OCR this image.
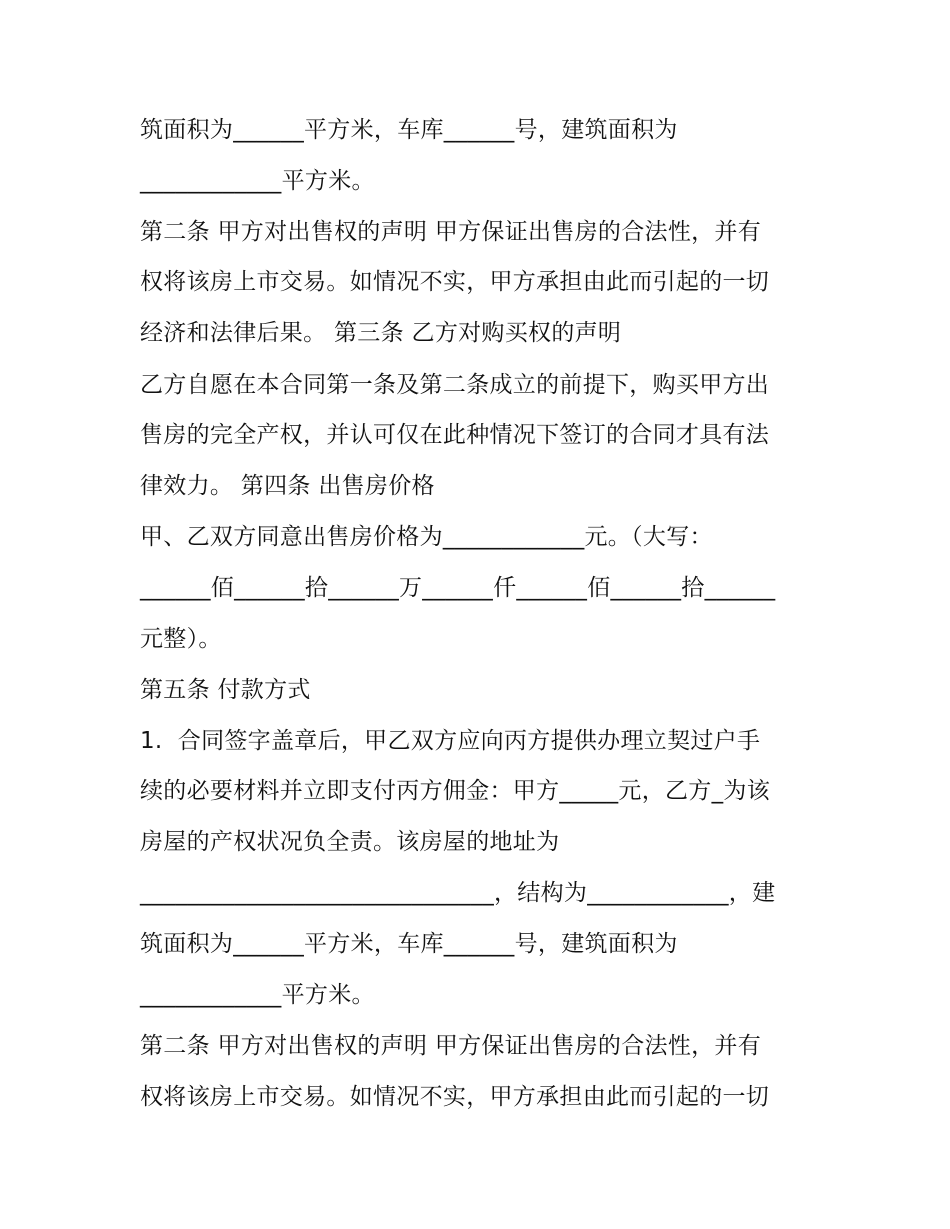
筑面积为______平方米，车库______号，建筑面积为
____________平方米。
第二条 甲方对出售权的声明 甲方保证出售房的合法性，并有
权将该房上市交易。如情况不实，甲方承担由此而引起的一切
经济和法律后果。 第三条 乙方对购买权的声明
乙方自愿在本合同第一条及第二条成立的前提下，购买甲方出
售房的完全产权，并认可仅在此种情况下签订的合同才具有法
律效力。 第四条 出售房价格
甲、乙双方同意出售房价格为____________元。（大写：
______佰______拾______万______仟______佰______拾______
元整）。
第五条 付款方式
1.  合同签字盖章后，甲乙双方应向丙方提供办理立契过户手
续的必要材料并立即支付丙方佣金：甲方_____元，乙方_为该
房屋的产权状况负全责。该房屋的地址为
______________________________，结构为____________，建
筑面积为______平方米，车库______号，建筑面积为
____________平方米。
第二条 甲方对出售权的声明 甲方保证出售房的合法性，并有
权将该房上市交易。如情况不实，甲方承担由此而引起的一切
